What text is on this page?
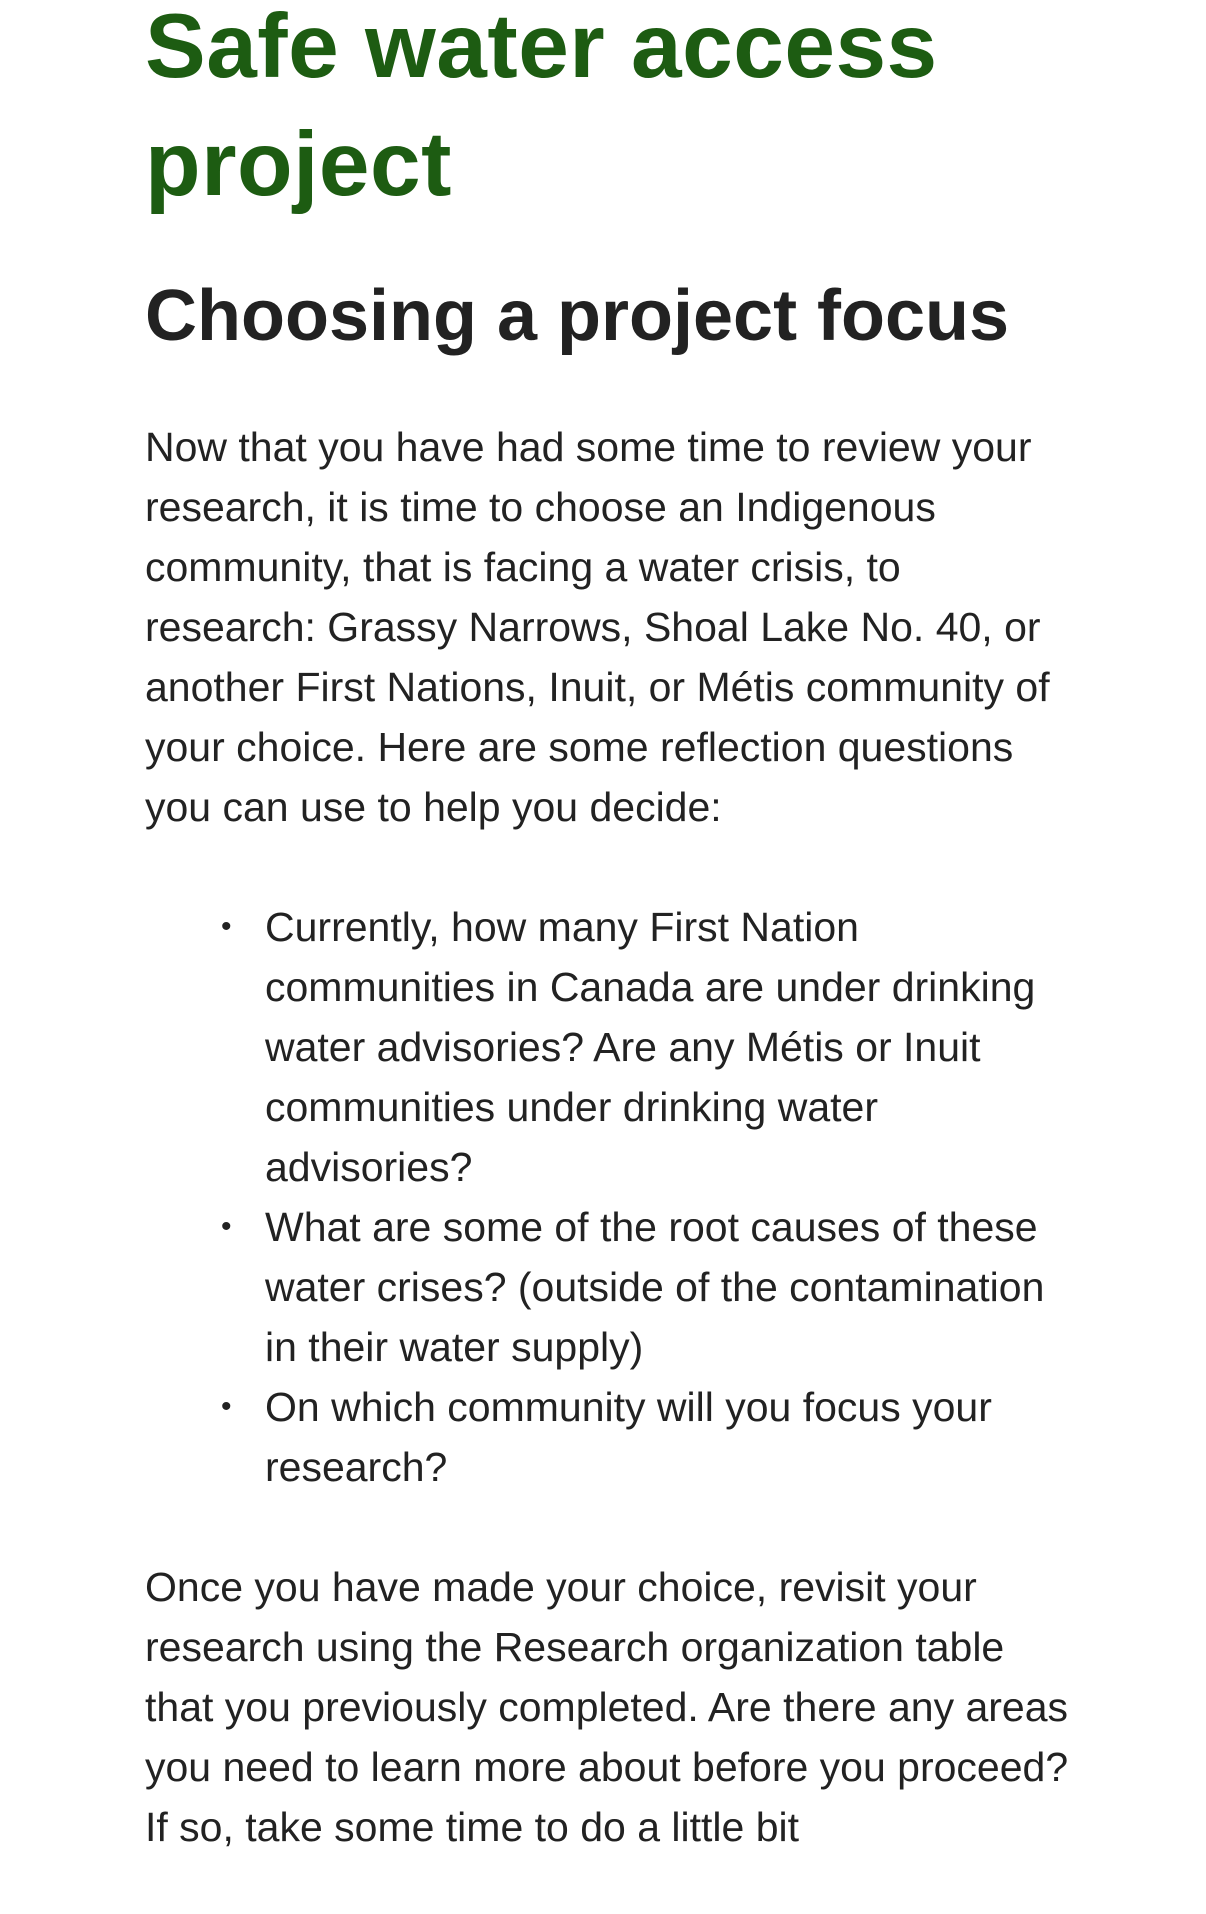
Safe water access project
Choosing a project focus

Now that you have had some time to review your research, it is time to choose an Indigenous community, that is facing a water crisis, to research: Grassy Narrows, Shoal Lake No. 40, or another First Nations, Inuit, or Métis community of your choice. Here are some reflection questions you can use to help you decide:

• Currently, how many First Nation communities in Canada are under drinking water advisories? Are any Métis or Inuit communities under drinking water advisories?
• What are some of the root causes of these water crises? (outside of the contamination in their water supply)
• On which community will you focus your research?

Once you have made your choice, revisit your research using the Research organization table that you previously completed. Are there any areas you need to learn more about before you proceed? If so, take some time to do a little bit
